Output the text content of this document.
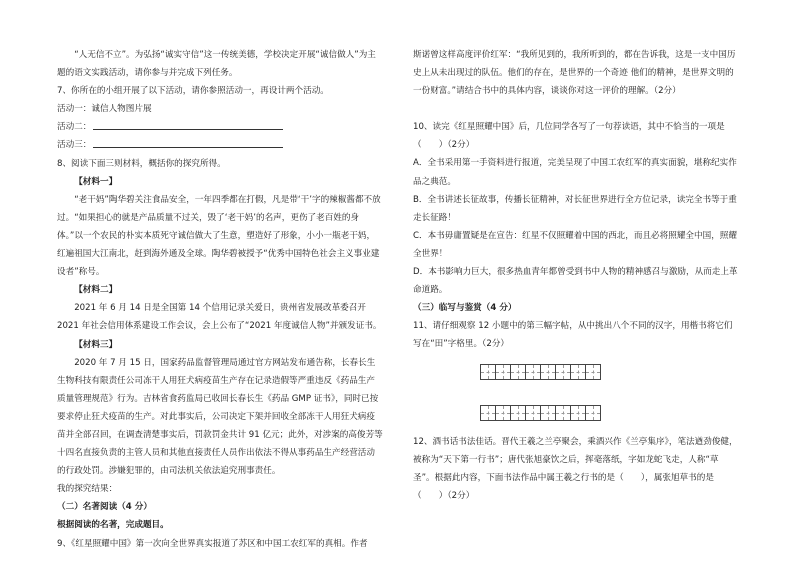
“人无信不立”。为弘扬“诚实守信”这一传统美德，学校决定开展“诚信做人”为主题的语文实践活动，请你参与并完成下列任务。

7、你所在的小组开展了以下活动，请你参照活动一，再设计两个活动。

活动一：诚信人物图片展

活动二：

活动三：

8、阅读下面三则材料，概括你的探究所得。

【材料一】

“老干妈”陶华碧关注食品安全，一年四季都在打假，凡是带‘干’字的辣椒酱都不放过。“如果担心的就是产品质量不过关，毁了‘老干妈’的名声，更伤了老百姓的身体。”以一个农民的朴实本质死守诚信做大了生意，塑造好了形象，小小一瓶老干妈，红遍祖国大江南北，赶到海外通及全球。陶华碧被授予“优秀中国特色社会主义事业建设者”称号。

【材料二】

2021 年 6 月 14 日是全国第 14 个信用记录关爱日，贵州省发展改革委召开 2021 年社会信用体系建设工作会议，会上公布了“2021 年度诚信人物”并颁发证书。

【材料三】

2020 年 7 月 15 日，国家药品监督管理局通过官方网站发布通告称，长春长生生物科技有限责任公司冻干人用狂犬病疫苗生产存在记录造假等严重违反《药品生产质量管理规范》行为。吉林省食药监局已收回长春长生《药品 GMP 证书》，同时已按要求停止狂犬疫苗的生产。对此事实后，公司决定下架并回收全部冻干人用狂犬病疫苗并全部召回，在调查清楚事实后，罚款罚金共计 91 亿元；此外，对涉案的高俊芳等十四名直接负责的主管人员和其他直接责任人员作出依法不得从事药品生产经营活动的行政处罚。涉嫌犯罪的，由司法机关依法追究刑事责任。

我的探究结果：

（二）名著阅读（4 分）

根据阅读的名著，完成题目。

9、《红星照耀中国》第一次向全世界真实报道了苏区和中国工农红军的真相。作者

斯诺曾这样高度评价红军：“我所见到的，我所听到的，都在告诉我，这是一支中国历史上从未出现过的队伍。他们的存在，是世界的一个奇迹 他们的精神，是世界文明的一份财富。”请结合书中的具体内容，谈谈你对这一评价的理解。（2分）

10、读完《红星照耀中国》后，几位同学各写了一句荐读语，其中不恰当的一项是（　　）（2分）

A．全书采用第一手资料进行报道，完美呈现了中国工农红军的真实面貌，堪称纪实作品之典范。

B．全书讲述长征故事，传播长征精神，对长征世界进行全方位记录，读完全书等于重走长征路！

C．本书毋庸置疑是在宣告：红星不仅照耀着中国的西北，而且必将照耀全中国，照耀全世界！

D．本书影响力巨大，很多热血青年都曾受到书中人物的精神感召与激励，从而走上革命道路。

（三）临写与鉴赏（4 分）

11、请仔细观察 12 小题中的第三幅字帖，从中挑出八个不同的汉字，用楷书将它们写在“田”字格里。（2分）

12、酒书话书法佳话。晋代王羲之兰亭聚会，乘酒兴作《兰亭集序》，笔法遒劲俊健，被称为“天下第一行书”；唐代张旭豪饮之后，挥毫落纸，字如龙蛇飞走，人称“草圣”。根据此内容，下面书法作品中属王羲之行书的是（　　），属张旭草书的是（　　）（2分）
